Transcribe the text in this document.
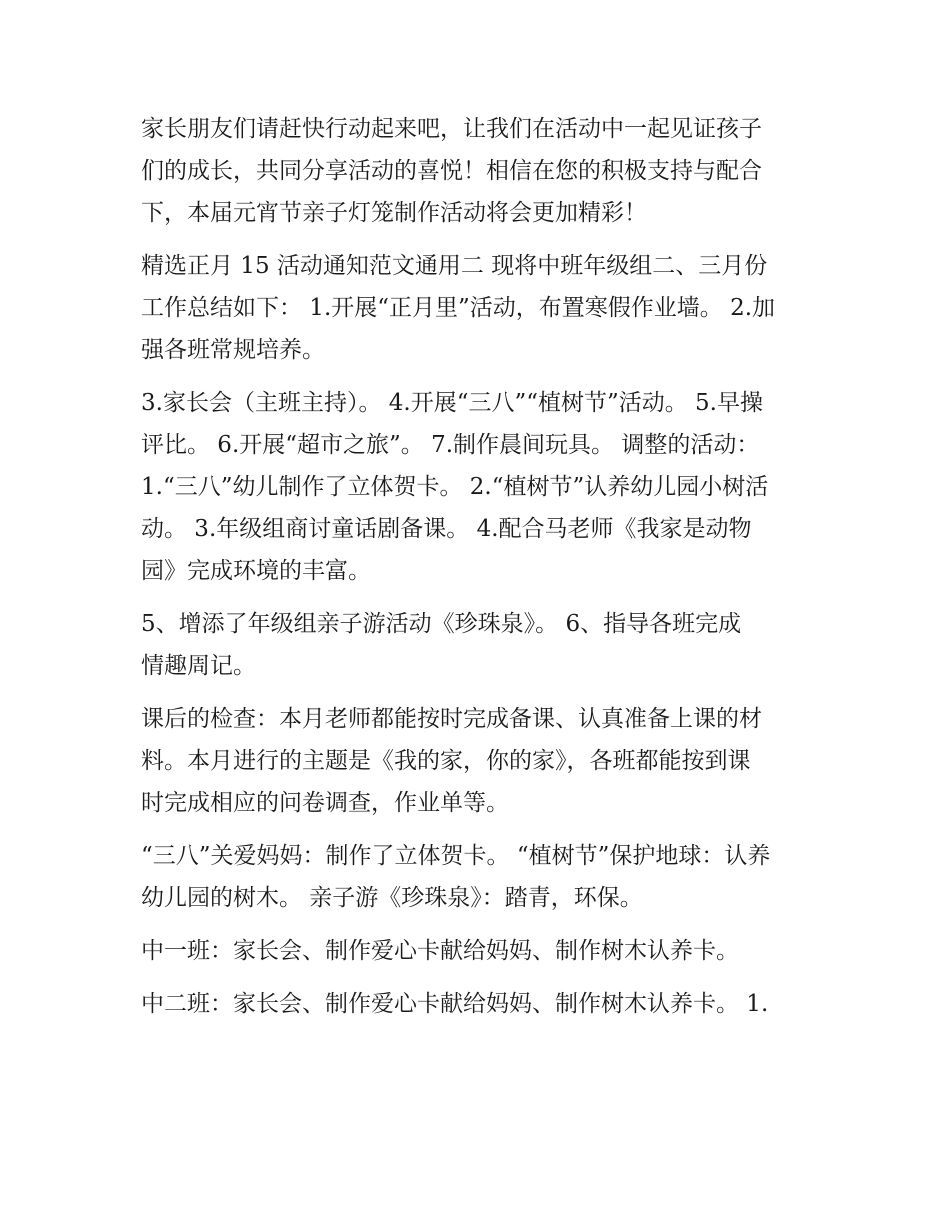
家长朋友们请赶快行动起来吧，让我们在活动中一起见证孩子
们的成长，共同分享活动的喜悦！相信在您的积极支持与配合
下，本届元宵节亲子灯笼制作活动将会更加精彩！

精选正月 15 活动通知范文通用二 现将中班年级组二、三月份
工作总结如下： 1.开展“正月里”活动，布置寒假作业墙。 2.加
强各班常规培养。

3.家长会（主班主持）。 4.开展“三八”“植树节”活动。 5.早操
评比。 6.开展“超市之旅”。 7.制作晨间玩具。 调整的活动：
1.“三八”幼儿制作了立体贺卡。 2.“植树节”认养幼儿园小树活
动。 3.年级组商讨童话剧备课。 4.配合马老师《我家是动物
园》完成环境的丰富。

5、增添了年级组亲子游活动《珍珠泉》。 6、指导各班完成
情趣周记。

课后的检查：本月老师都能按时完成备课、认真准备上课的材
料。本月进行的主题是《我的家，你的家》，各班都能按到课
时完成相应的问卷调查，作业单等。

“三八”关爱妈妈：制作了立体贺卡。 “植树节”保护地球：认养
幼儿园的树木。 亲子游《珍珠泉》：踏青，环保。

中一班：家长会、制作爱心卡献给妈妈、制作树木认养卡。

中二班：家长会、制作爱心卡献给妈妈、制作树木认养卡。 1.
